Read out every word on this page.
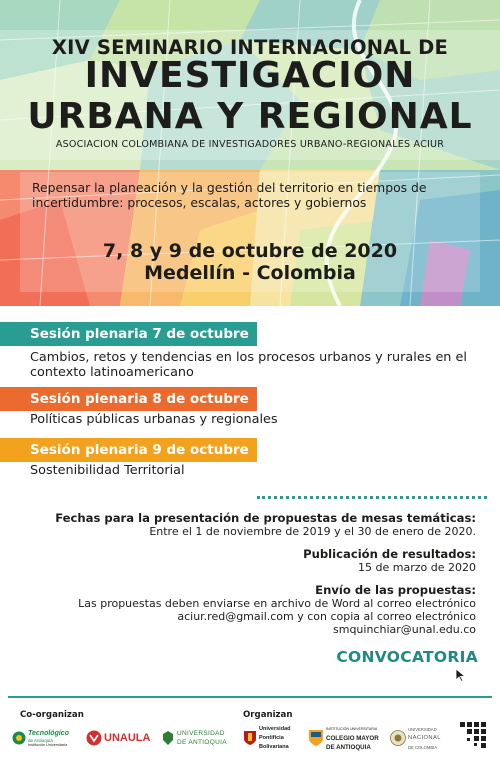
XIV SEMINARIO INTERNACIONAL DE
INVESTIGACIÓN
URBANA Y REGIONAL
ASOCIACION COLOMBIANA DE INVESTIGADORES URBANO-REGIONALES ACIUR
Repensar la planeación y la gestión del territorio en tiempos de incertidumbre: procesos, escalas, actores y gobiernos
7, 8 y 9 de octubre de 2020
Medellín - Colombia
Sesión plenaria 7 de octubre
Cambios, retos y tendencias en los procesos urbanos y rurales en el contexto latinoamericano
Sesión plenaria 8 de octubre
Políticas públicas urbanas y regionales
Sesión plenaria 9 de octubre
Sostenibilidad Territorial
Fechas para la presentación de propuestas de mesas temáticas:
Entre el 1 de noviembre de 2019 y el 30 de enero de 2020.
Publicación de resultados:
15 de marzo de 2020
Envío de las propuestas:
Las propuestas deben enviarse en archivo de Word al correo electrónico
aciur.red@gmail.com y con copia al correo electrónico
smquinchiar@unal.edu.co
CONVOCATORIA
Co-organizan	Organizan
Tecnológico
de Antioquia
Institución Universitaria
UNAULA	UNIVERSIDAD
DE ANTIOQUIA
Universidad
Pontificia
Bolivariana
INSTITUCIÓN UNIVERSITARIA
COLEGIO MAYOR
DE ANTIOQUIA
UNIVERSIDAD
NACIONAL
DE COLOMBIA
